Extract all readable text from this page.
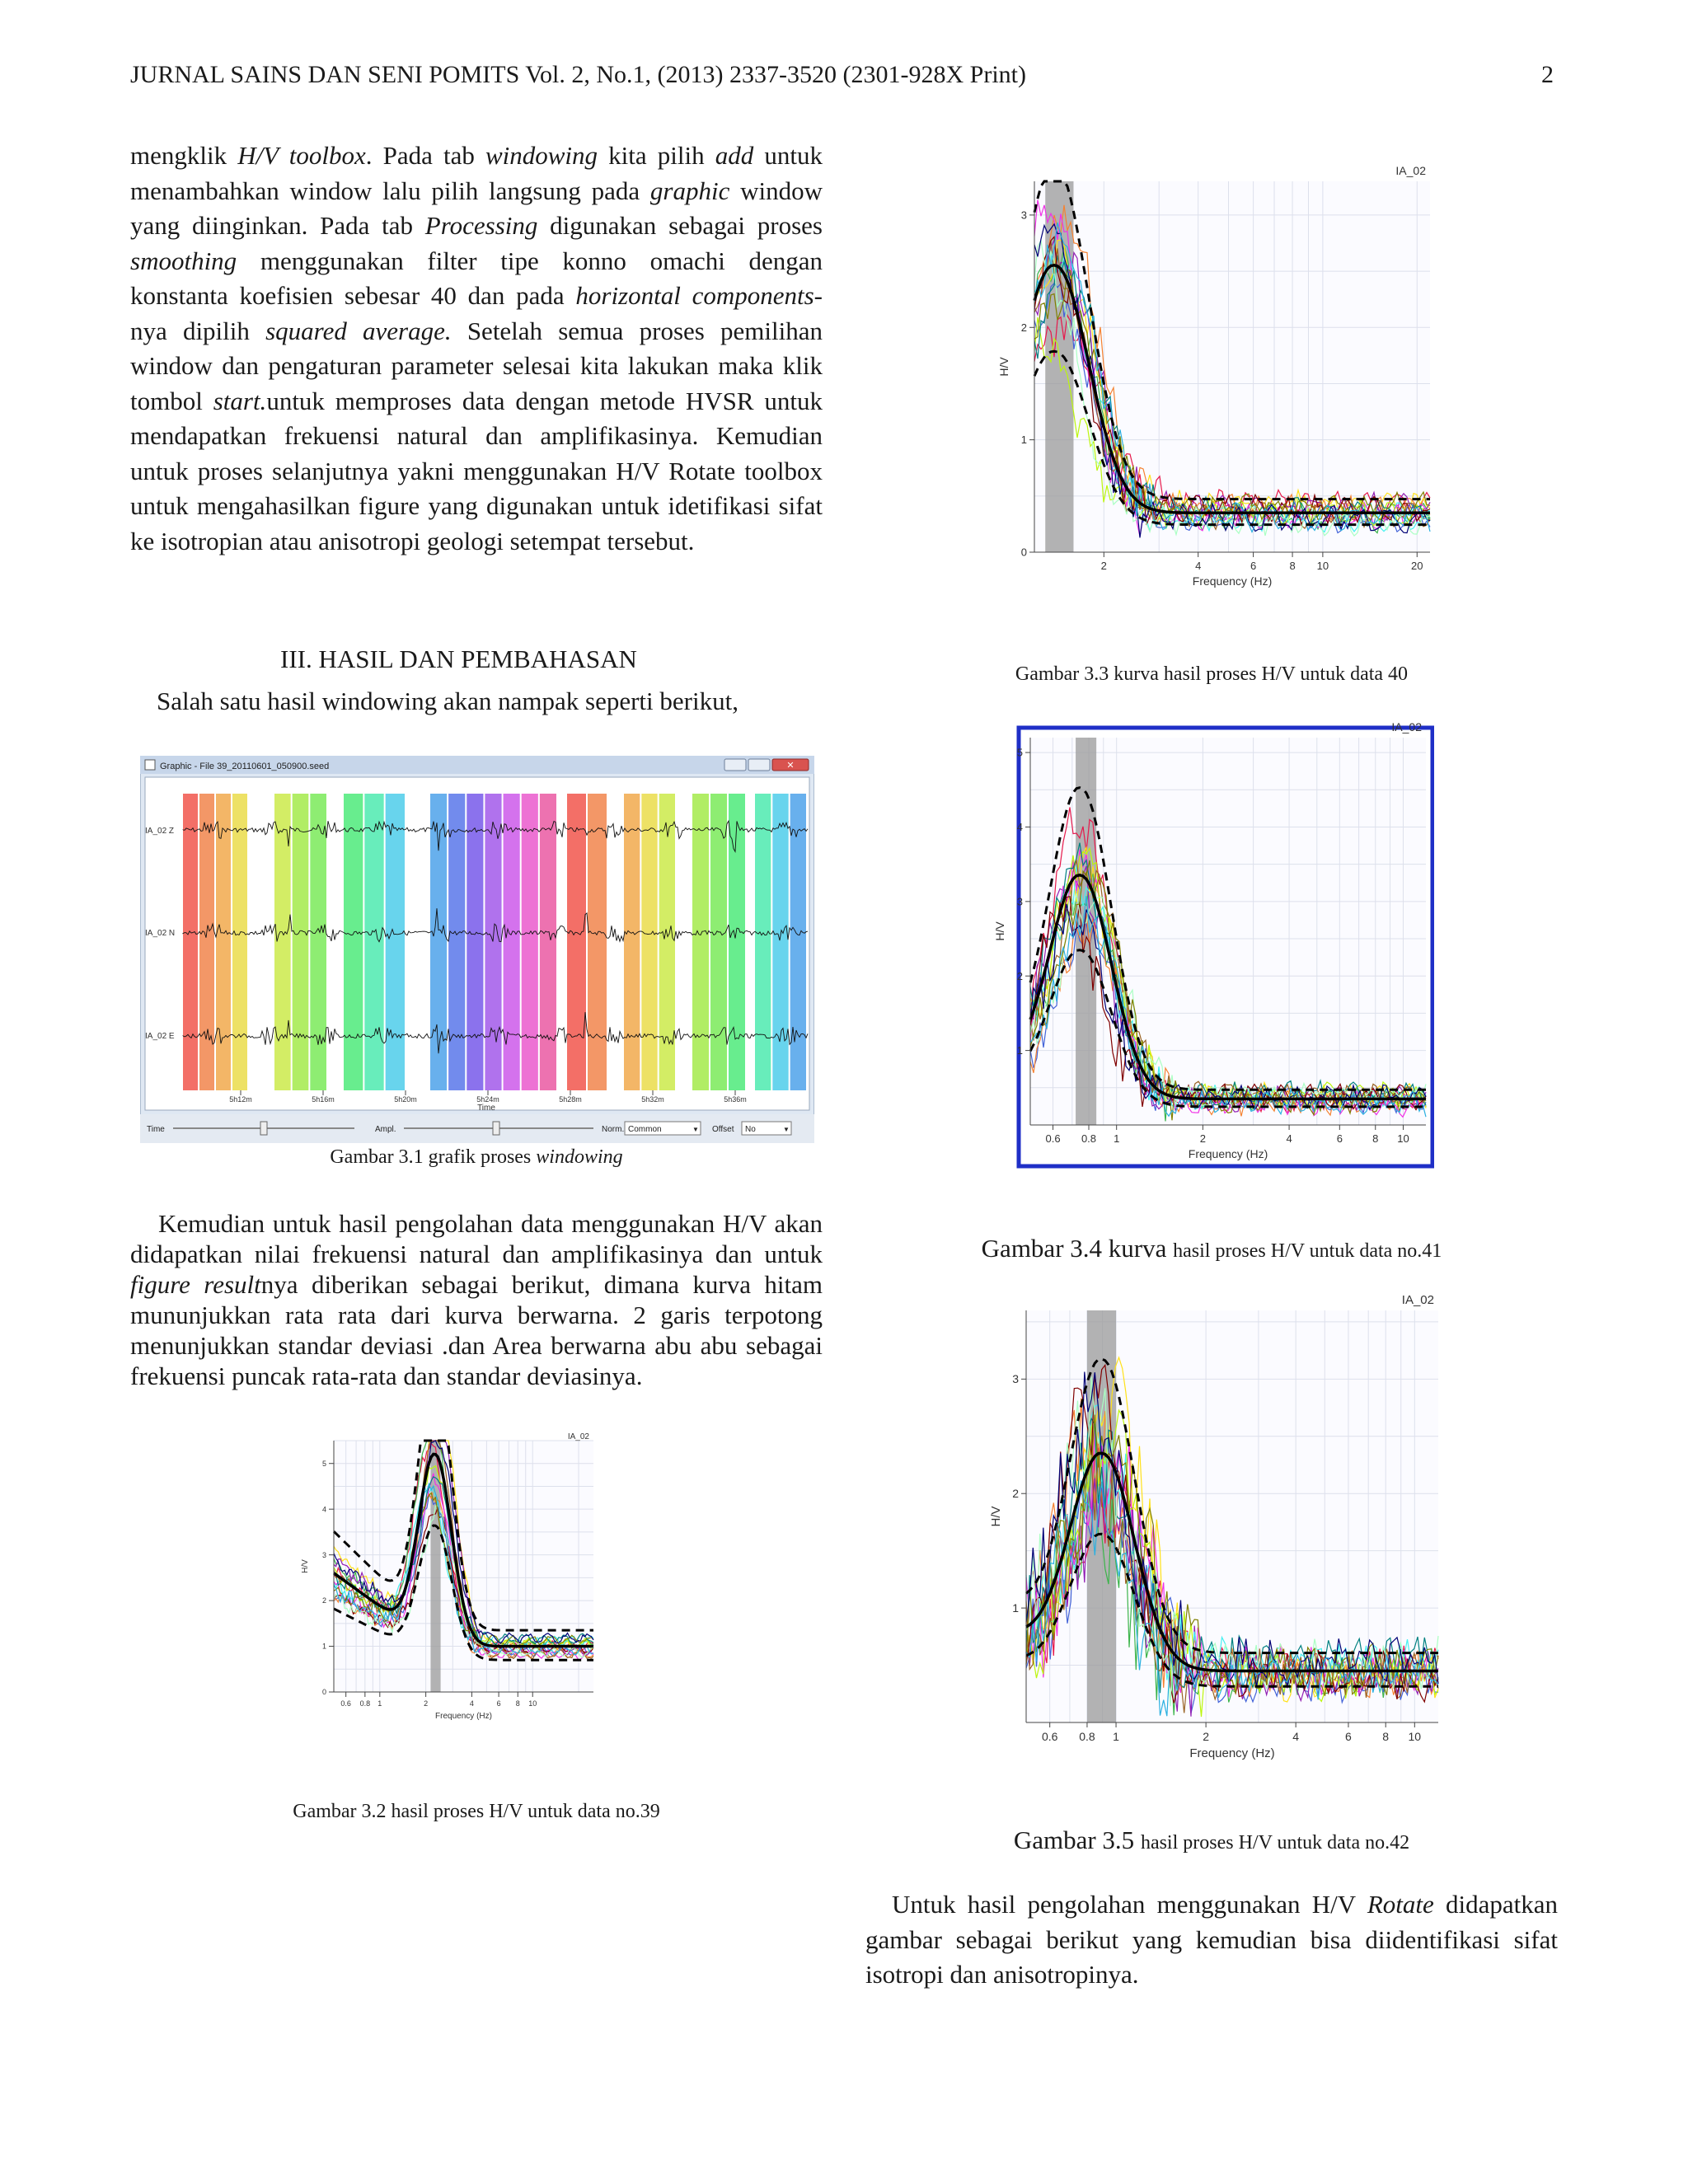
JURNAL SAINS DAN SENI POMITS Vol. 2, No.1, (2013) 2337-3520 (2301-928X Print)	2

mengklik H/V toolbox. Pada tab windowing kita pilih add untuk menambahkan window lalu pilih langsung pada graphic window yang diinginkan. Pada tab Processing digunakan sebagai proses smoothing menggunakan filter tipe konno omachi dengan konstanta koefisien sebesar 40 dan pada horizontal components-nya dipilih squared average. Setelah semua proses pemilihan window dan pengaturan parameter selesai kita lakukan maka klik tombol start.untuk memproses data dengan metode HVSR untuk mendapatkan frekuensi natural dan amplifikasinya. Kemudian untuk proses selanjutnya yakni menggunakan H/V Rotate toolbox untuk mengahasilkan figure yang digunakan untuk idetifikasi sifat ke isotropian atau anisotropi geologi setempat tersebut.

III. HASIL DAN PEMBAHASAN
Salah satu hasil windowing akan nampak seperti berikut,
Graphic - File 39_20110601_050900.seed	✕
IA_02 Z
IA_02 N
IA_02 E
5h12m	5h16m	5h20m	5h24m	5h28m	5h32m	5h36m
Time
Time	Ampl.	Norm. Common	▼ Offset No	▼
Gambar 3.1 grafik proses windowing

Kemudian untuk hasil pengolahan data menggunakan H/V akan didapatkan nilai frekuensi natural dan amplifikasinya dan untuk figure resultnya diberikan sebagai berikut, dimana kurva hitam mununjukkan rata rata dari kurva berwarna. 2 garis terpotong menunjukkan standar deviasi .dan Area berwarna abu abu sebagai frekuensi puncak rata-rata dan standar deviasinya.

0
1
2
3
4
5
0.6 0.8 1	2	4	6 8 10
Frequency (Hz)
H/V
IA_02
Gambar 3.2 hasil proses H/V untuk data no.39
0
1
2
3
2	4	6	8 10	20
Frequency (Hz)
H/V
IA_02
Gambar 3.3 kurva hasil proses H/V untuk data 40
1
2
3
4
5
0.6 0.8 1	2	4	6	8 10
Frequency (Hz)
H/V
IA_02
Gambar 3.4 kurva hasil proses H/V untuk data no.41
1
2
3
0.6 0.8 1	2	4	6	8 10
Frequency (Hz)
H/V
IA_02
Gambar 3.5 hasil proses H/V untuk data no.42

Untuk hasil pengolahan menggunakan H/V Rotate didapatkan gambar sebagai berikut yang kemudian bisa diidentifikasi sifat isotropi dan anisotropinya.
